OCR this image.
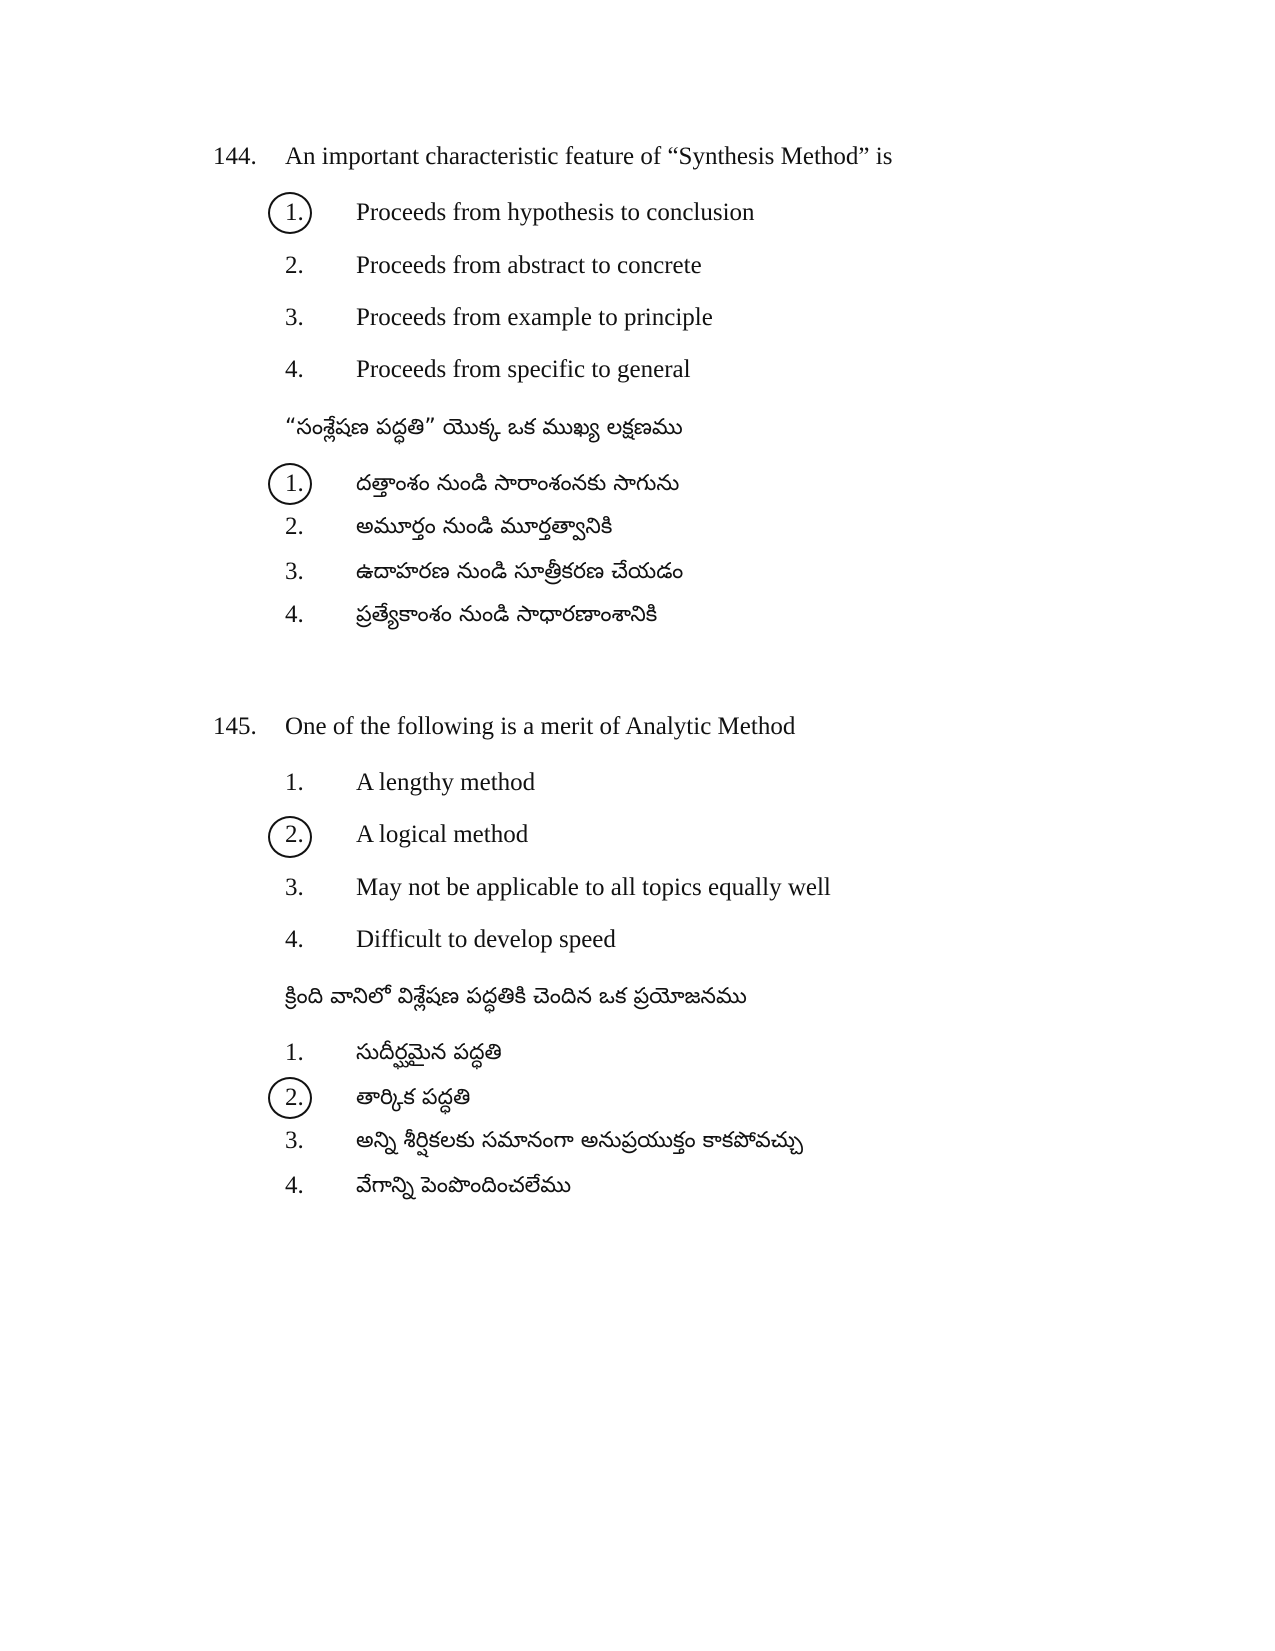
144. An important characteristic feature of “Synthesis Method” is
1. Proceeds from hypothesis to conclusion
2. Proceeds from abstract to concrete
3. Proceeds from example to principle
4. Proceeds from specific to general
“సంశ్లేషణ పద్ధతి” యొక్క ఒక ముఖ్య లక్షణము
1. దత్తాంశం నుండి సారాంశంనకు సాగును
2. అమూర్తం నుండి మూర్తత్వానికి
3. ఉదాహరణ నుండి సూత్రీకరణ చేయడం
4. ప్రత్యేకాంశం నుండి సాధారణాంశానికి
145. One of the following is a merit of Analytic Method
1. A lengthy method
2. A logical method
3. May not be applicable to all topics equally well
4. Difficult to develop speed
క్రింది వానిలో విశ్లేషణ పద్ధతికి చెందిన ఒక ప్రయోజనము
1. సుదీర్ఘమైన పద్ధతి
2. తార్కిక పద్ధతి
3. అన్ని శీర్షికలకు సమానంగా అనుప్రయుక్తం కాకపోవచ్చు
4. వేగాన్ని పెంపొందించలేము
